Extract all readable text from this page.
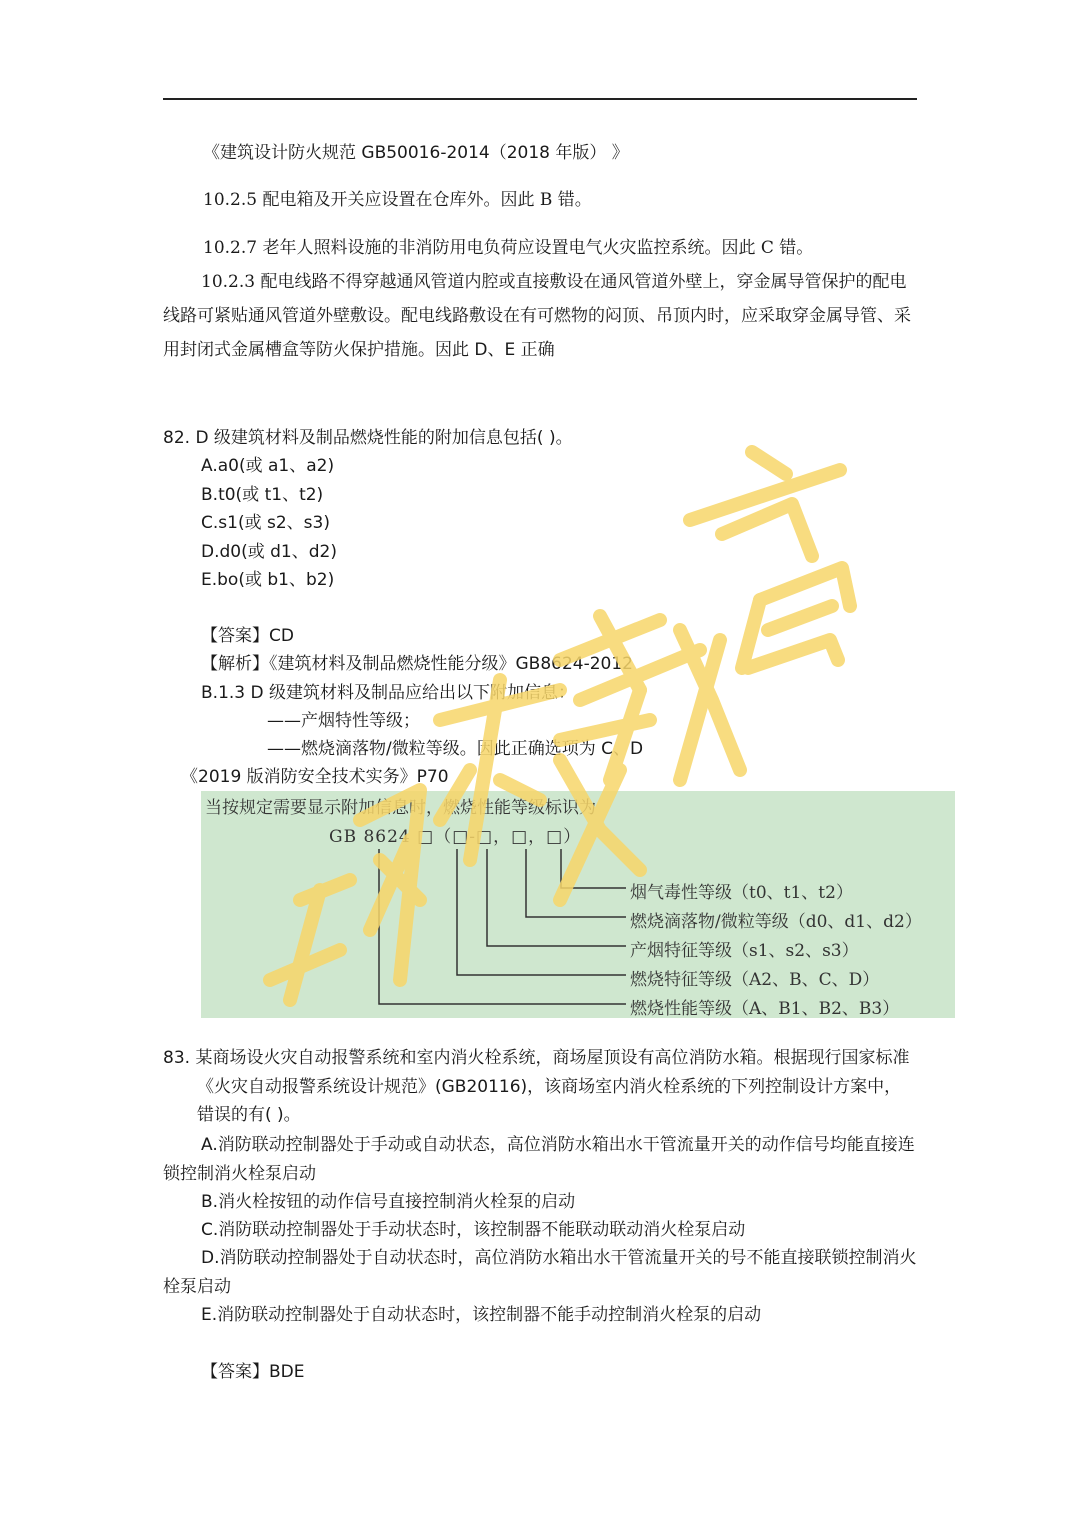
《建筑设计防火规范 GB50016-2014（2018 年版） 》
10.2.5 配电箱及开关应设置在仓库外。因此 B 错。
10.2.7 老年人照料设施的非消防用电负荷应设置电气火灾监控系统。因此 C 错。
10.2.3 配电线路不得穿越通风管道内腔或直接敷设在通风管道外壁上，穿金属导管保护的配电线路可紧贴通风管道外壁敷设。配电线路敷设在有可燃物的闷顶、吊顶内时，应采取穿金属导管、采用封闭式金属槽盒等防火保护措施。因此 D、E 正确
82. D 级建筑材料及制品燃烧性能的附加信息包括( )。
A.a0(或 a1、a2)
B.t0(或 t1、t2)
C.s1(或 s2、s3)
D.d0(或 d1、d2)
E.bo(或 b1、b2)
【答案】CD
【解析】《建筑材料及制品燃烧性能分级》GB8624-2012
B.1.3 D 级建筑材料及制品应给出以下附加信息：
——产烟特性等级；
——燃烧滴落物/微粒等级。因此正确选项为 C、D
《2019 版消防安全技术实务》P70
当按规定需要显示附加信息时，燃烧性能等级标识为
GB 8624 □（□-□，□，□）
烟气毒性等级（t0、t1、t2）
燃烧滴落物/微粒等级（d0、d1、d2）
产烟特征等级（s1、s2、s3）
燃烧特征等级（A2、B、C、D）
燃烧性能等级（A、B1、B2、B3）
83. 某商场设火灾自动报警系统和室内消火栓系统，商场屋顶设有高位消防水箱。根据现行国家标准《火灾自动报警系统设计规范》(GB20116)，该商场室内消火栓系统的下列控制设计方案中，错误的有( )。
A.消防联动控制器处于手动或自动状态，高位消防水箱出水干管流量开关的动作信号均能直接连锁控制消火栓泵启动
B.消火栓按钮的动作信号直接控制消火栓泵的启动
C.消防联动控制器处于手动状态时，该控制器不能联动联动消火栓泵启动
D.消防联动控制器处于自动状态时，高位消防水箱出水干管流量开关的号不能直接联锁控制消火栓泵启动
E.消防联动控制器处于自动状态时，该控制器不能手动控制消火栓泵的启动
【答案】BDE
